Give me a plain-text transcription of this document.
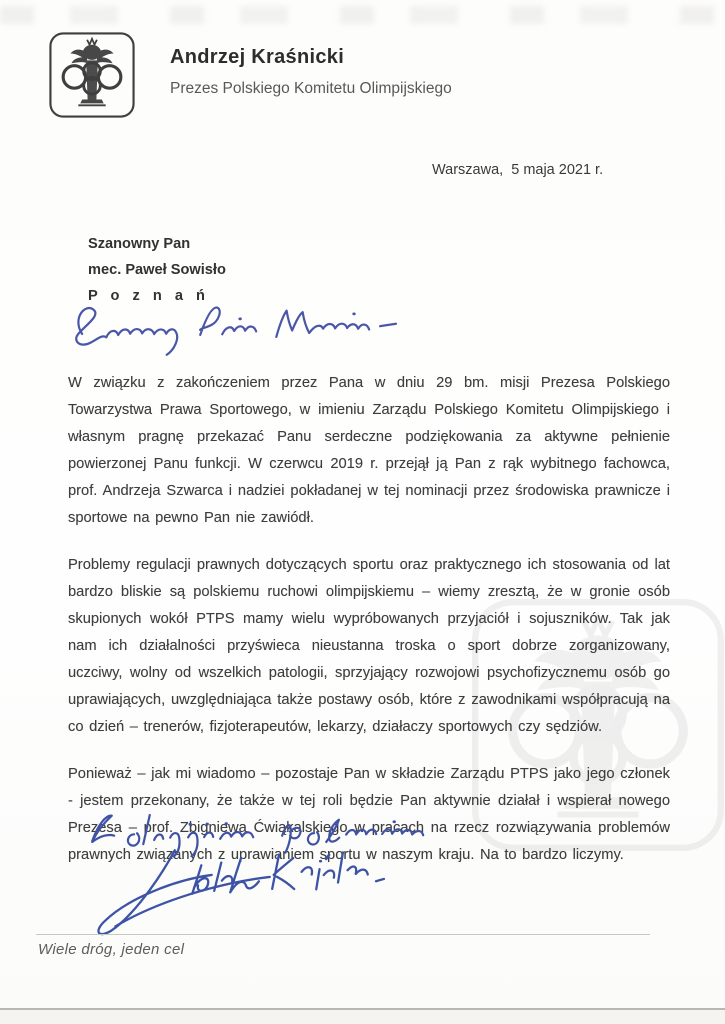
Andrzej Kraśnicki
Prezes Polskiego Komitetu Olimpijskiego
Warszawa,  5 maja 2021 r.
Szanowny Pan
mec. Paweł Sowisło
P o z n a ń

W związku z zakończeniem przez Pana w dniu 29 bm. misji Prezesa Polskiego Towarzystwa Prawa Sportowego, w imieniu Zarządu Polskiego Komitetu Olimpijskiego i własnym pragnę przekazać Panu serdeczne podziękowania za aktywne pełnienie powierzonej Panu funkcji. W czerwcu 2019 r. przejął ją Pan z rąk wybitnego fachowca, prof. Andrzeja Szwarca i nadziei pokładanej w tej nominacji przez środowiska prawnicze i sportowe na pewno Pan nie zawiódł.

Problemy regulacji prawnych dotyczących sportu oraz praktycznego ich stosowania od lat bardzo bliskie są polskiemu ruchowi olimpijskiemu – wiemy zresztą, że w gronie osób skupionych wokół PTPS mamy wielu wypróbowanych przyjaciół i sojuszników. Tak jak nam ich działalności przyświeca nieustanna troska o sport dobrze zorganizowany, uczciwy, wolny od wszelkich patologii, sprzyjający rozwojowi psychofizycznemu osób go uprawiających, uwzględniająca także postawy osób, które z zawodnikami współpracują na co dzień – trenerów, fizjoterapeutów, lekarzy, działaczy sportowych czy sędziów.

Ponieważ – jak mi wiadomo – pozostaje Pan w składzie Zarządu PTPS jako jego członek - jestem przekonany, że także w tej roli będzie Pan aktywnie działał i wspierał nowego Prezesa – prof. Zbigniewa Ćwiąkalskiego w pracach na rzecz rozwiązywania problemów prawnych związanych z uprawianiem sportu w naszym kraju. Na to bardzo liczymy.

Wiele dróg, jeden cel
